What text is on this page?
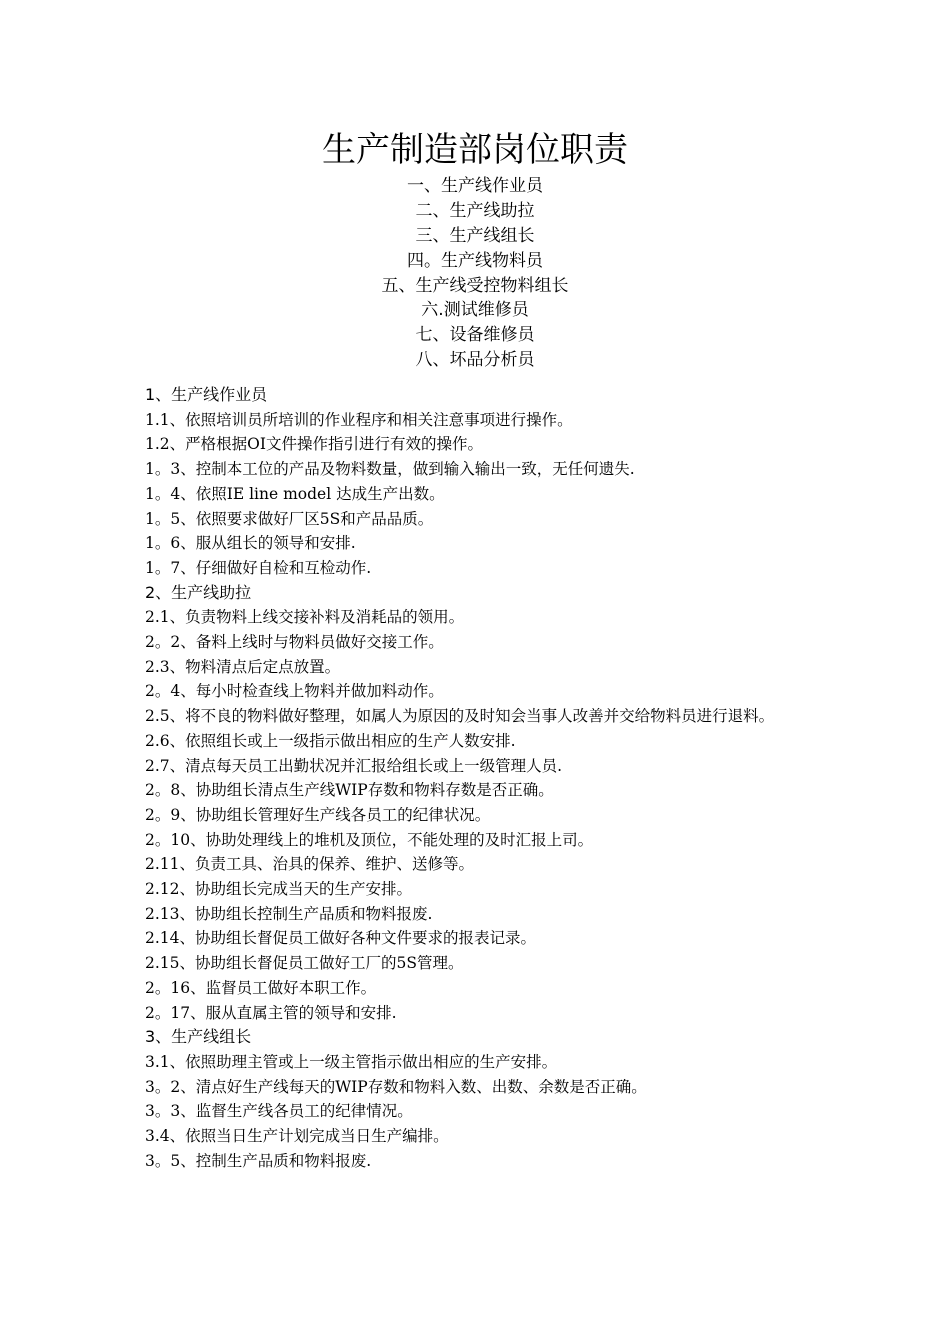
生产制造部岗位职责
一、生产线作业员
二、生产线助拉
三、生产线组长
四。生产线物料员
五、生产线受控物料组长
六.测试维修员
七、设备维修员
八、坏品分析员
1、生产线作业员
1.1、依照培训员所培训的作业程序和相关注意事项进行操作。
1.2、严格根据OI文件操作指引进行有效的操作。
1。3、控制本工位的产品及物料数量，做到输入输出一致，无任何遗失.
1。4、依照IE line model 达成生产出数。
1。5、依照要求做好厂区5S和产品品质。
1。6、服从组长的领导和安排.
1。7、仔细做好自检和互检动作.
2、生产线助拉
2.1、负责物料上线交接补料及消耗品的领用。
2。2、备料上线时与物料员做好交接工作。
2.3、物料清点后定点放置。
2。4、每小时检查线上物料并做加料动作。
2.5、将不良的物料做好整理，如属人为原因的及时知会当事人改善并交给物料员进行退料。
2.6、依照组长或上一级指示做出相应的生产人数安排.
2.7、清点每天员工出勤状况并汇报给组长或上一级管理人员.
2。8、协助组长清点生产线WIP存数和物料存数是否正确。
2。9、协助组长管理好生产线各员工的纪律状况。
2。10、协助处理线上的堆机及顶位，不能处理的及时汇报上司。
2.11、负责工具、治具的保养、维护、送修等。
2.12、协助组长完成当天的生产安排。
2.13、协助组长控制生产品质和物料报废.
2.14、协助组长督促员工做好各种文件要求的报表记录。
2.15、协助组长督促员工做好工厂的5S管理。
2。16、监督员工做好本职工作。
2。17、服从直属主管的领导和安排.
3、生产线组长
3.1、依照助理主管或上一级主管指示做出相应的生产安排。
3。2、清点好生产线每天的WIP存数和物料入数、出数、余数是否正确。
3。3、监督生产线各员工的纪律情况。
3.4、依照当日生产计划完成当日生产编排。
3。5、控制生产品质和物料报废.
